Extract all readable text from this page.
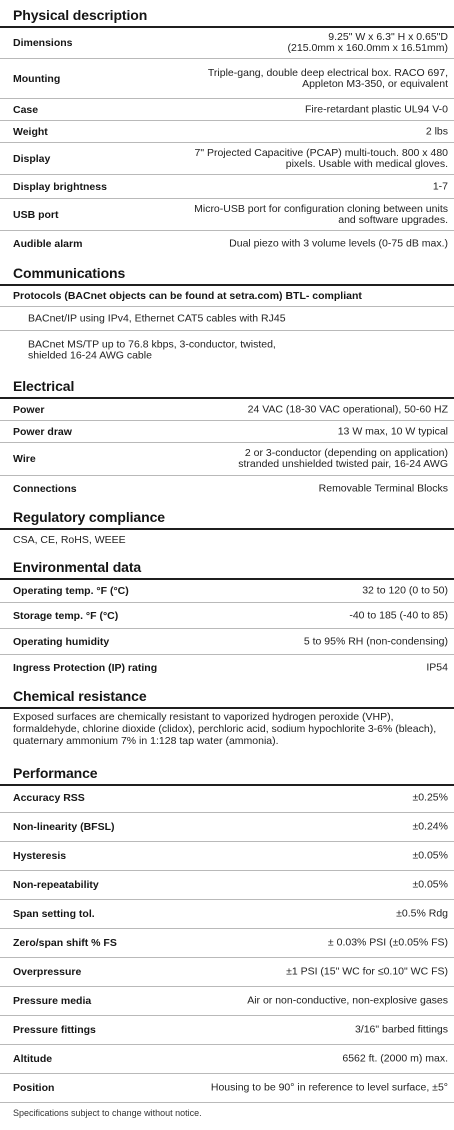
Physical description
Dimensions	9.25" W x 6.3" H x 0.65"D
(215.0mm x 160.0mm x 16.51mm)
Mounting	Triple-gang, double deep electrical box. RACO 697,
Appleton M3-350, or equivalent
Case	Fire-retardant plastic UL94 V-0
Weight	2 lbs
Display	7" Projected Capacitive (PCAP) multi-touch. 800 x 480
pixels. Usable with medical gloves.
Display brightness	1-7
USB port	Micro-USB port for configuration cloning between units
and software upgrades.
Audible alarm	Dual piezo with 3 volume levels (0-75 dB max.)
Communications
Protocols (BACnet objects can be found at setra.com) BTL- compliant
BACnet/IP using IPv4, Ethernet CAT5 cables with RJ45
BACnet MS/TP up to 76.8 kbps, 3-conductor, twisted,
shielded 16-24 AWG cable
Electrical
Power	24 VAC (18-30 VAC operational), 50-60 HZ
Power draw	13 W max, 10 W typical
Wire	2 or 3-conductor (depending on application)
stranded unshielded twisted pair, 16-24 AWG
Connections	Removable Terminal Blocks
Regulatory compliance
CSA, CE, RoHS, WEEE
Environmental data
Operating temp. °F (°C)	32 to 120 (0 to 50)
Storage temp. °F (°C)	-40 to 185 (-40 to 85)
Operating humidity	5 to 95% RH (non-condensing)
Ingress Protection (IP) rating	IP54
Chemical resistance
Exposed surfaces are chemically resistant to vaporized hydrogen peroxide (VHP), formaldehyde, chlorine dioxide (clidox), perchloric acid, sodium hypochlorite 3-6% (bleach), quaternary ammonium 7% in 1:128 tap water (ammonia).
Performance
Accuracy RSS	±0.25%
Non-linearity (BFSL)	±0.24%
Hysteresis	±0.05%
Non-repeatability	±0.05%
Span setting tol.	±0.5% Rdg
Zero/span shift % FS	± 0.03% PSI (±0.05% FS)
Overpressure	±1 PSI (15" WC for ≤0.10" WC FS)
Pressure media	Air or non-conductive, non-explosive gases
Pressure fittings	3/16" barbed fittings
Altitude	6562 ft. (2000 m) max.
Position	Housing to be 90° in reference to level surface, ±5°
Specifications subject to change without notice.
